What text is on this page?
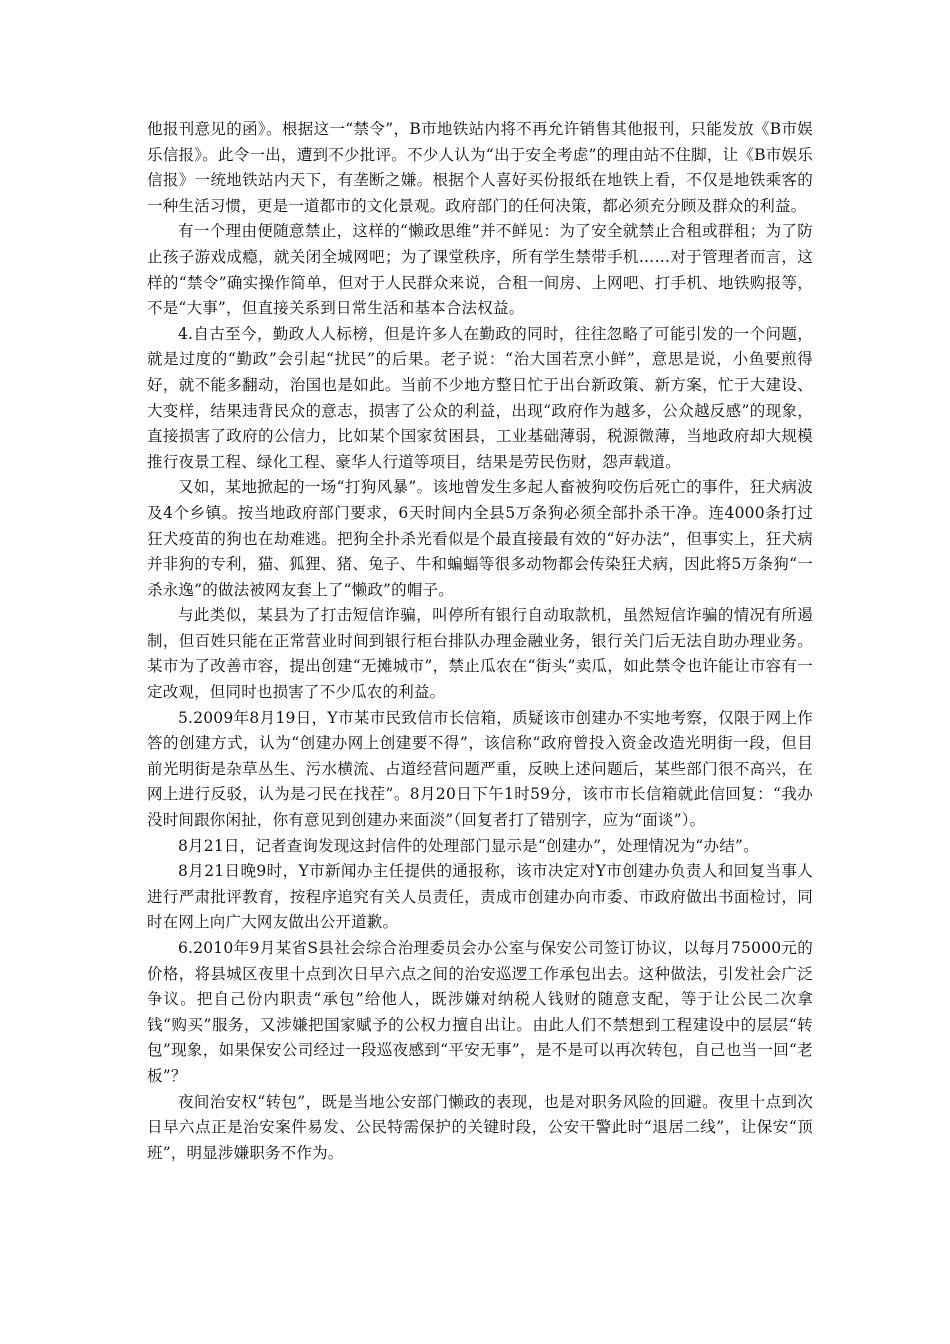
他报刊意见的函》。根据这一“禁令”，B市地铁站内将不再允许销售其他报刊，只能发放《B市娱乐信报》。此令一出，遭到不少批评。不少人认为“出于安全考虑”的理由站不住脚，让《B市娱乐信报》一统地铁站内天下，有垄断之嫌。根据个人喜好买份报纸在地铁上看，不仅是地铁乘客的一种生活习惯，更是一道都市的文化景观。政府部门的任何决策，都必须充分顾及群众的利益。

有一个理由便随意禁止，这样的“懒政思维”并不鲜见：为了安全就禁止合租或群租；为了防止孩子游戏成瘾，就关闭全城网吧；为了课堂秩序，所有学生禁带手机……对于管理者而言，这样的“禁令”确实操作简单，但对于人民群众来说，合租一间房、上网吧、打手机、地铁购报等，不是“大事”，但直接关系到日常生活和基本合法权益。

4.自古至今，勤政人人标榜，但是许多人在勤政的同时，往往忽略了可能引发的一个问题，就是过度的“勤政”会引起“扰民”的后果。老子说：“治大国若烹小鲜”，意思是说，小鱼要煎得好，就不能多翻动，治国也是如此。当前不少地方整日忙于出台新政策、新方案，忙于大建设、大变样，结果违背民众的意志，损害了公众的利益，出现“政府作为越多，公众越反感”的现象，直接损害了政府的公信力，比如某个国家贫困县，工业基础薄弱，税源微薄，当地政府却大规模推行夜景工程、绿化工程、豪华人行道等项目，结果是劳民伤财，怨声载道。

又如，某地掀起的一场“打狗风暴”。该地曾发生多起人畜被狗咬伤后死亡的事件，狂犬病波及4个乡镇。按当地政府部门要求，6天时间内全县5万条狗必须全部扑杀干净。连4000条打过狂犬疫苗的狗也在劫难逃。把狗全扑杀光看似是个最直接最有效的“好办法”，但事实上，狂犬病并非狗的专利，猫、狐狸、猪、兔子、牛和蝙蝠等很多动物都会传染狂犬病，因此将5万条狗“一杀永逸”的做法被网友套上了“懒政”的帽子。

与此类似，某县为了打击短信诈骗，叫停所有银行自动取款机，虽然短信诈骗的情况有所遏制，但百姓只能在正常营业时间到银行柜台排队办理金融业务，银行关门后无法自助办理业务。某市为了改善市容，提出创建“无摊城市”，禁止瓜农在“街头”卖瓜，如此禁令也许能让市容有一定改观，但同时也损害了不少瓜农的利益。

5.2009年8月19日，Y市某市民致信市长信箱，质疑该市创建办不实地考察，仅限于网上作答的创建方式，认为“创建办网上创建要不得”，该信称“政府曾投入资金改造光明街一段，但目前光明街是杂草丛生、污水横流、占道经营问题严重，反映上述问题后，某些部门很不高兴，在网上进行反驳，认为是刁民在找茬”。8月20日下午1时59分，该市市长信箱就此信回复：“我办没时间跟你闲扯，你有意见到创建办来面淡”（回复者打了错别字，应为“面谈”）。

8月21日，记者查询发现这封信件的处理部门显示是“创建办”，处理情况为“办结”。

8月21日晚9时，Y市新闻办主任提供的通报称，该市决定对Y市创建办负责人和回复当事人进行严肃批评教育，按程序追究有关人员责任，责成市创建办向市委、市政府做出书面检讨，同时在网上向广大网友做出公开道歉。

6.2010年9月某省S县社会综合治理委员会办公室与保安公司签订协议，以每月75000元的价格，将县城区夜里十点到次日早六点之间的治安巡逻工作承包出去。这种做法，引发社会广泛争议。把自己份内职责“承包”给他人，既涉嫌对纳税人钱财的随意支配，等于让公民二次拿钱“购买”服务，又涉嫌把国家赋予的公权力擅自出让。由此人们不禁想到工程建设中的层层“转包”现象，如果保安公司经过一段巡夜感到“平安无事”，是不是可以再次转包，自己也当一回“老板”？

夜间治安权“转包”，既是当地公安部门懒政的表现，也是对职务风险的回避。夜里十点到次日早六点正是治安案件易发、公民特需保护的关键时段，公安干警此时“退居二线”，让保安“顶班”，明显涉嫌职务不作为。
